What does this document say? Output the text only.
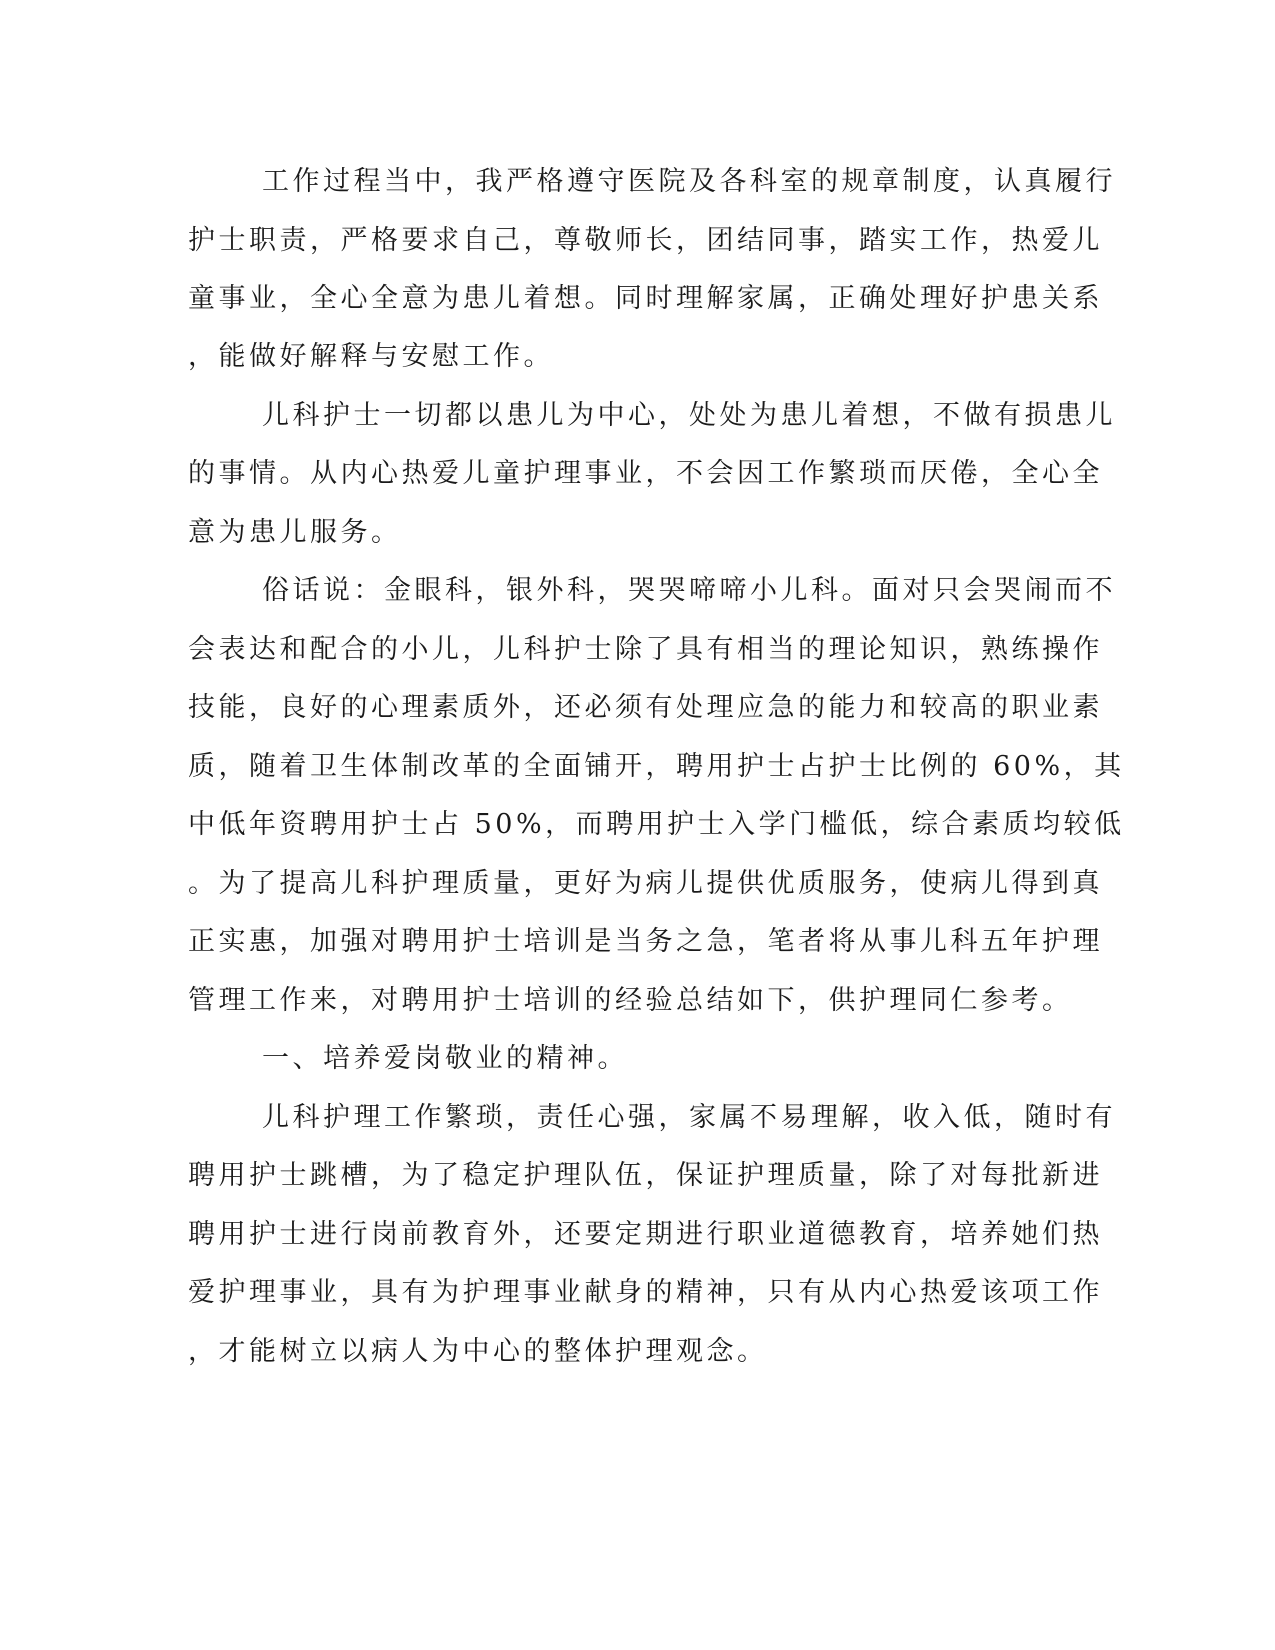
工作过程当中，我严格遵守医院及各科室的规章制度，认真履行
护士职责，严格要求自己，尊敬师长，团结同事，踏实工作，热爱儿
童事业，全心全意为患儿着想。同时理解家属，正确处理好护患关系
，能做好解释与安慰工作。
儿科护士一切都以患儿为中心，处处为患儿着想，不做有损患儿
的事情。从内心热爱儿童护理事业，不会因工作繁琐而厌倦，全心全
意为患儿服务。
俗话说：金眼科，银外科，哭哭啼啼小儿科。面对只会哭闹而不
会表达和配合的小儿，儿科护士除了具有相当的理论知识，熟练操作
技能，良好的心理素质外，还必须有处理应急的能力和较高的职业素
质，随着卫生体制改革的全面铺开，聘用护士占护士比例的 60%，其
中低年资聘用护士占 50%，而聘用护士入学门槛低，综合素质均较低
。为了提高儿科护理质量，更好为病儿提供优质服务，使病儿得到真
正实惠，加强对聘用护士培训是当务之急，笔者将从事儿科五年护理
管理工作来，对聘用护士培训的经验总结如下，供护理同仁参考。
一、培养爱岗敬业的精神。
儿科护理工作繁琐，责任心强，家属不易理解，收入低，随时有
聘用护士跳槽，为了稳定护理队伍，保证护理质量，除了对每批新进
聘用护士进行岗前教育外，还要定期进行职业道德教育，培养她们热
爱护理事业，具有为护理事业献身的精神，只有从内心热爱该项工作
，才能树立以病人为中心的整体护理观念。
